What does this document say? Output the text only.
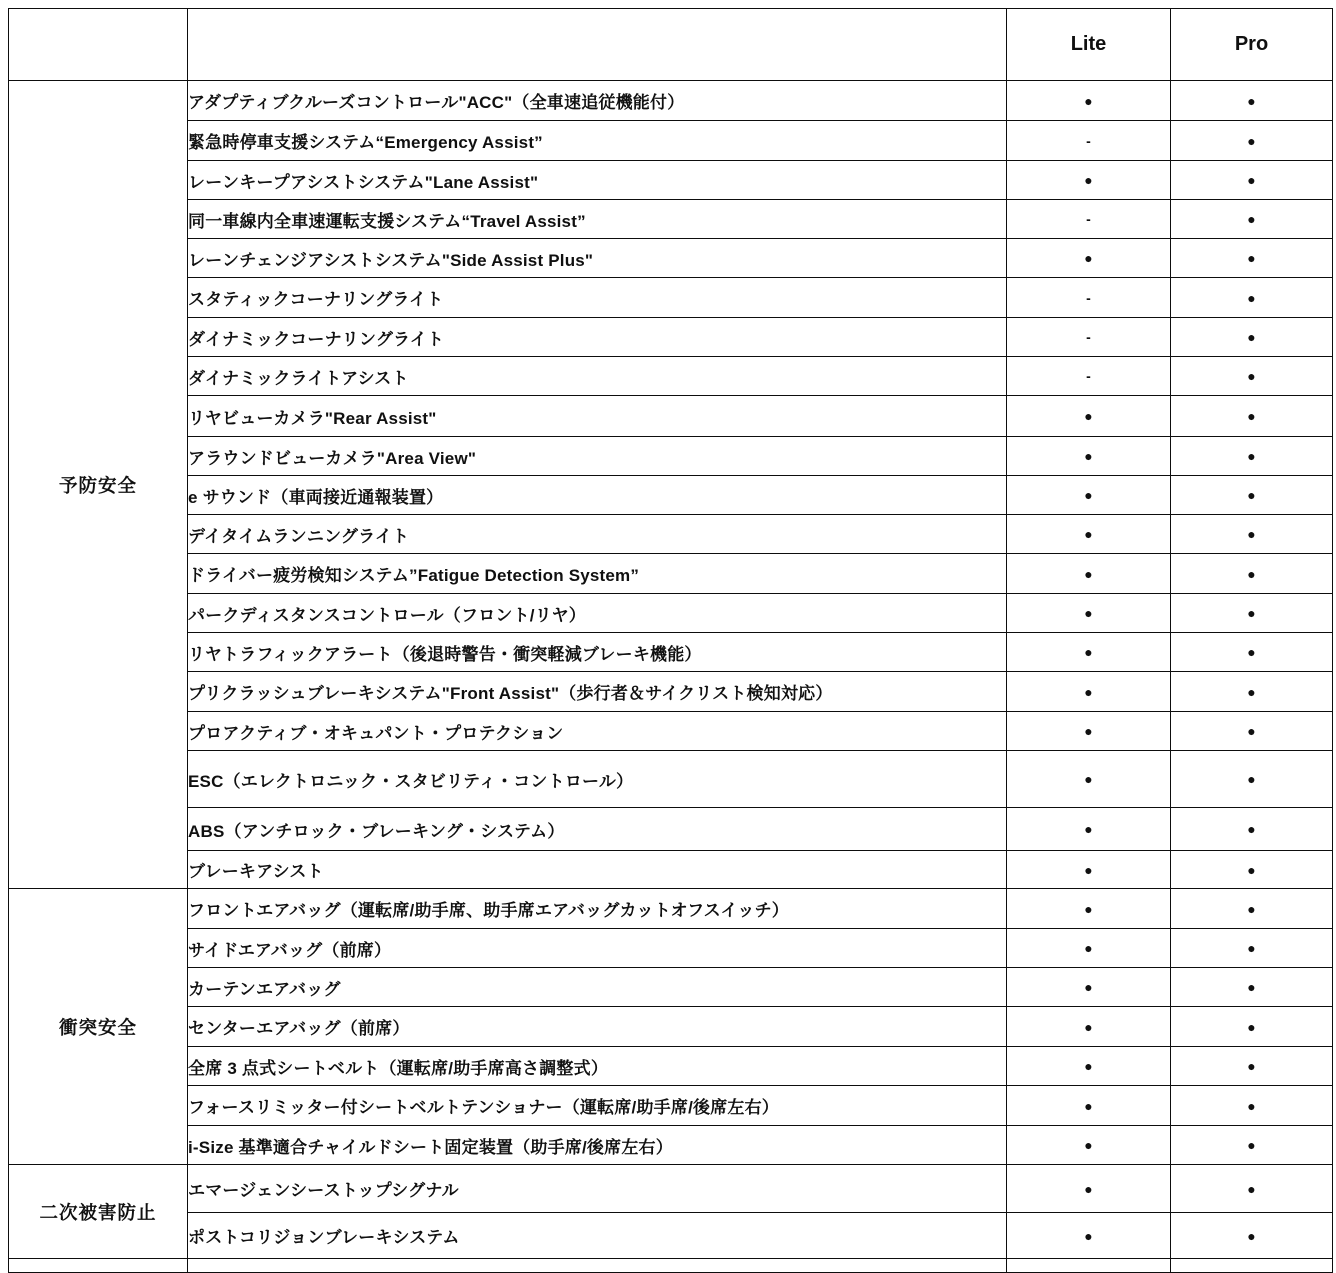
		Lite	Pro
予防安全	アダプティブクルーズコントロール"ACC"（全車速追従機能付）	●	●
	緊急時停車支援システム“Emergency Assist”	-	●
	レーンキープアシストシステム"Lane Assist"	●	●
	同一車線内全車速運転支援システム“Travel Assist”	-	●
	レーンチェンジアシストシステム"Side Assist Plus"	●	●
	スタティックコーナリングライト	-	●
	ダイナミックコーナリングライト	-	●
	ダイナミックライトアシスト	-	●
	リヤビューカメラ"Rear Assist"	●	●
	アラウンドビューカメラ"Area View"	●	●
	e サウンド（車両接近通報装置）	●	●
	デイタイムランニングライト	●	●
	ドライバー疲労検知システム”Fatigue Detection System”	●	●
	パークディスタンスコントロール（フロント/リヤ）	●	●
	リヤトラフィックアラート（後退時警告・衝突軽減ブレーキ機能）	●	●
	プリクラッシュブレーキシステム"Front Assist"（歩行者＆サイクリスト検知対応）	●	●
	プロアクティブ・オキュパント・プロテクション	●	●
	ESC（エレクトロニック・スタビリティ・コントロール）	●	●
	ABS（アンチロック・ブレーキング・システム）	●	●
	ブレーキアシスト	●	●
衝突安全	フロントエアバッグ（運転席/助手席、助手席エアバッグカットオフスイッチ）	●	●
	サイドエアバッグ（前席）	●	●
	カーテンエアバッグ	●	●
	センターエアバッグ（前席）	●	●
	全席 3 点式シートベルト（運転席/助手席高さ調整式）	●	●
	フォースリミッター付シートベルトテンショナー（運転席/助手席/後席左右）	●	●
	i-Size 基準適合チャイルドシート固定装置（助手席/後席左右）	●	●
二次被害防止	エマージェンシーストップシグナル	●	●
	ポストコリジョンブレーキシステム	●	●
